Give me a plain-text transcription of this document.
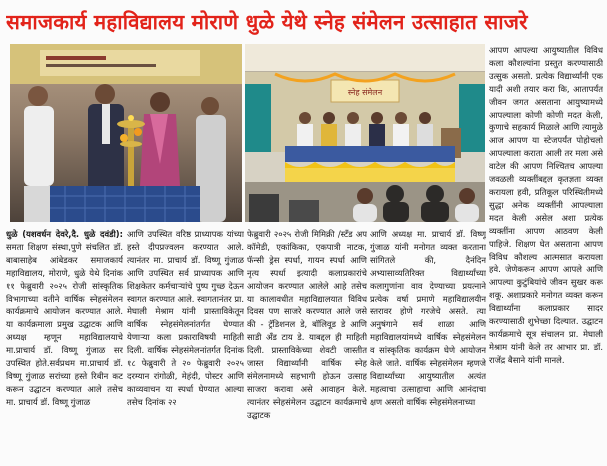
समाजकार्य महाविद्यालय मोराणे धुळे येथे स्नेह संमेलन उत्साहात साजरे
स्नेह संमेलन
धुळे (यशवर्धन देवरे,दै. धुळे दवंडी): समता शिक्षण संस्था,पुणे संचलित डॉ. बाबासाहेब आंबेडकर समाजकार्य महाविद्यालय, मोराणे, धुळे येथे दिनांक ११ फेब्रुवारी २०२५ रोजी सांस्कृतिक विभागाच्या वतीने वार्षिक स्नेहसंमेलन कार्यक्रमाचे आयोजन करण्यात आले. या कार्यक्रमाला प्रमुख उद्घाटक आणि अध्यक्ष म्हणून महाविद्यालयाचे मा.प्राचार्य डॉ. विष्णू गुंजाळ सर उपस्थित होते.सर्वप्रथम मा.प्राचार्य डॉ. विष्णू गुंजाळ सरांच्या हस्ते रिबीन कट करून उद्घाटन करण्यात आले तसेच मा. प्राचार्य डॉ. विष्णू गुंजाळ
आणि उपस्थित वरिष्ठ प्राध्यापक यांच्या हस्ते दीपप्रज्वलन करण्यात आले. त्यानंतर मा. प्राचार्य डॉ. विष्णू गुंजाळ आणि उपस्थित सर्व प्राध्यापक आणि शिक्षकेतर कर्मचाऱ्यांचे पुष्प गुच्छ देऊन स्वागत करण्यात आले. स्वागतानंतर प्रा. मेघाली मेश्राम यांनी प्रास्ताविकेतून वार्षिक स्नेहसंमेलनांतर्गत घेण्यात येणाऱ्या कला प्रकाराविषयी माहिती दिली. वार्षिक स्नेहसंमेलनांतर्गत दिनांक १८ फेब्रुवारी ते २० फेब्रुवारी २०२५ दरम्यान रांगोळी, मेहंदी, पोस्टर आणि काव्यवाचन या स्पर्धा घेण्यात आल्या तसेच दिनांक २२
फेब्रुवारी २०२५ रोजी मिमिक्री /स्टँड अप कॉमेडी, एकांकिका, एकपात्री नाटक, फॅन्सी ड्रेस स्पर्धा, गायन स्पर्धा आणि नृत्य स्पर्धा इत्यादी कलाप्रकारांचे आयोजन करण्यात आलेले आहे तसेच या कालावधीत महाविद्यालयात विविध दिवस पण साजरे करण्यात आले जसे की - ट्रॅडिशनल डे, बॉलिवूड डे आणि साडी अँड टाय डे. याबद्दल ही माहिती दिली. प्रास्ताविकेच्या शेवटी जास्तीत जास्त विद्यार्थ्यांनी वार्षिक स्नेह संमेलनामध्ये सहभागी होऊन उत्साह साजरा करावा असे आवाहन केले. त्यानंतर स्नेहसंमेलन उद्घाटन कार्यक्रमाचे उद्घाटक
आणि अध्यक्ष मा. प्राचार्य डॉ. विष्णू गुंजाळ यांनी मनोगत व्यक्त करताना सांगितले की, दैनंदिन अभ्यासाव्यतिरिक्त विद्यार्थ्यांच्या कलागुणांना वाव देण्याच्या प्रयत्नाने प्रत्येक वर्षा प्रमाणे महाविद्यालयीन स्तरावर होणे गरजेचे असते. त्या अनुषंगाने सर्व शाळा आणि महाविद्यालयांमध्ये वार्षिक स्नेहसंमेलन व सांस्कृतिक कार्यक्रम घेणे आयोजन केले जाते. वार्षिक स्नेहसंमेलन म्हणजे विद्यार्थ्यांच्या आयुष्यातील अत्यंत महत्वाचा उत्साहाचा आणि आनंदाचा क्षण असतो वार्षिक स्नेहसंमेलनाच्या
आपण आपल्या आयुष्यातील विविध कला कौशल्यांना प्रस्तुत करण्यासाठी उत्सुक असतो. प्रत्येक विद्यार्थ्यांनी एक यादी अशी तयार करा कि, आतापर्यंत जीवन जगत असताना आयुष्यामध्ये आपल्याला कोणी कोणी मदत केली, कुणाचे सहकार्य मिळाले आणि त्यामुळे आज आपण या स्टेजपर्यंत पोहोचलो आपल्याला कराता आली तर मला असे वाटेल की आपण निश्चितच आपल्या जवळली व्यक्तींबद्दल कृतज्ञता व्यक्त करायला हवी, प्रतिकूल परिस्थितीमध्ये सुद्धा अनेक व्यक्तींनी आपल्याला मदत केली असेल अशा प्रत्येक व्यक्तींना आपण आठवण केली पाहिजे. शिक्षण घेत असताना आपण विविध कौशल्य आत्मसात करायला हवे. जेणेकरून आपण आपले आणि आपल्या कुटुंबियांचे जीवन सुखर करू शकू. अशाप्रकारे मनोगत व्यक्त करून विद्यार्थ्यांना कलाप्रकार सादर करण्यासाठी शुभेच्छा दिल्यात. उद्घाटन कार्यक्रमाचे सूत्र संचालन प्रा. मेघाली मेश्राम यांनी केले तर आभार प्रा. डॉ. राजेंद्र बैसाने यांनी मानले.
